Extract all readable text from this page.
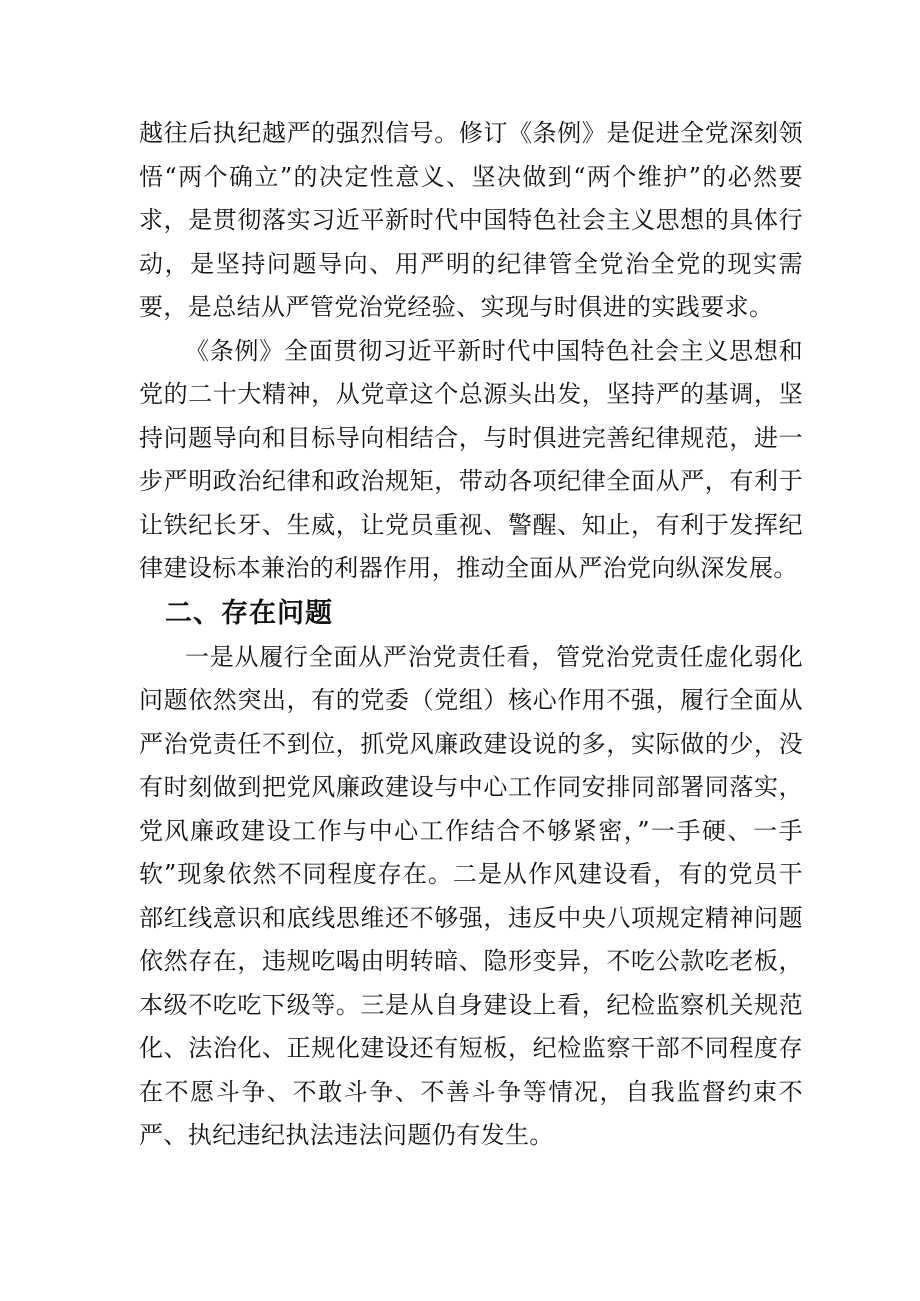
越往后执纪越严的强烈信号。修订《条例》是促进全党深刻领悟“两个确立”的决定性意义、坚决做到“两个维护”的必然要求，是贯彻落实习近平新时代中国特色社会主义思想的具体行动，是坚持问题导向、用严明的纪律管全党治全党的现实需要，是总结从严管党治党经验、实现与时俱进的实践要求。

《条例》全面贯彻习近平新时代中国特色社会主义思想和党的二十大精神，从党章这个总源头出发，坚持严的基调，坚持问题导向和目标导向相结合，与时俱进完善纪律规范，进一步严明政治纪律和政治规矩，带动各项纪律全面从严，有利于让铁纪长牙、生威，让党员重视、警醒、知止，有利于发挥纪律建设标本兼治的利器作用，推动全面从严治党向纵深发展。

二、存在问题

一是从履行全面从严治党责任看，管党治党责任虚化弱化问题依然突出，有的党委（党组）核心作用不强，履行全面从严治党责任不到位，抓党风廉政建设说的多，实际做的少，没有时刻做到把党风廉政建设与中心工作同安排同部署同落实，党风廉政建设工作与中心工作结合不够紧密，”一手硬、一手软”现象依然不同程度存在。二是从作风建设看，有的党员干部红线意识和底线思维还不够强，违反中央八项规定精神问题依然存在，违规吃喝由明转暗、隐形变异，不吃公款吃老板，本级不吃吃下级等。三是从自身建设上看，纪检监察机关规范化、法治化、正规化建设还有短板，纪检监察干部不同程度存在不愿斗争、不敢斗争、不善斗争等情况，自我监督约束不严、执纪违纪执法违法问题仍有发生。
